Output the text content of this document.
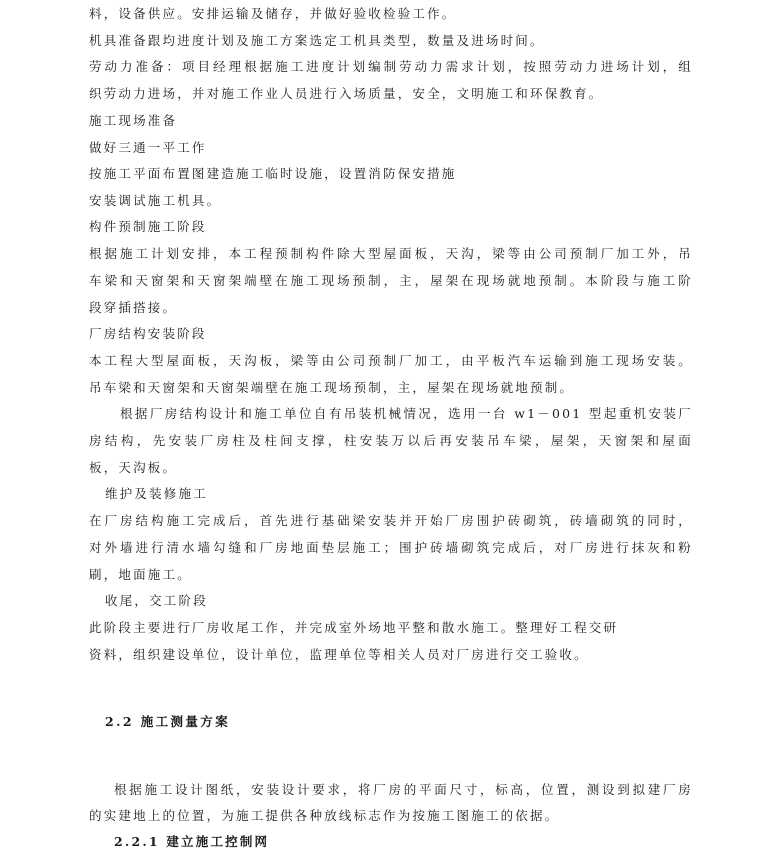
料，设备供应。安排运输及储存，并做好验收检验工作。
机具准备跟均进度计划及施工方案选定工机具类型，数量及进场时间。
劳动力准备：项目经理根据施工进度计划编制劳动力需求计划，按照劳动力进场计划，组
织劳动力进场，并对施工作业人员进行入场质量，安全，文明施工和环保教育。
施工现场准备
做好三通一平工作
按施工平面布置图建造施工临时设施，设置消防保安措施
安装调试施工机具。
构件预制施工阶段
根据施工计划安排，本工程预制构件除大型屋面板，天沟，梁等由公司预制厂加工外，吊
车梁和天窗架和天窗架端壁在施工现场预制，主，屋架在现场就地预制。本阶段与施工阶
段穿插搭接。
厂房结构安装阶段
本工程大型屋面板，天沟板，梁等由公司预制厂加工，由平板汽车运输到施工现场安装。
吊车梁和天窗架和天窗架端壁在施工现场预制，主，屋架在现场就地预制。
根据厂房结构设计和施工单位自有吊装机械情况，选用一台 w1－001 型起重机安装厂
房结构，先安装厂房柱及柱间支撑，柱安装万以后再安装吊车梁，屋架，天窗架和屋面
板，天沟板。
维护及装修施工
在厂房结构施工完成后，首先进行基础梁安装并开始厂房围护砖砌筑，砖墙砌筑的同时，
对外墙进行清水墙勾缝和厂房地面垫层施工；围护砖墙砌筑完成后，对厂房进行抹灰和粉
刷，地面施工。
收尾，交工阶段
此阶段主要进行厂房收尾工作，并完成室外场地平整和散水施工。整理好工程交研
资料，组织建设单位，设计单位，监理单位等相关人员对厂房进行交工验收。
2.2 施工测量方案
根据施工设计图纸，安装设计要求，将厂房的平面尺寸，标高，位置，测设到拟建厂房
的实建地上的位置，为施工提供各种放线标志作为按施工图施工的依据。
2.2.1 建立施工控制网
